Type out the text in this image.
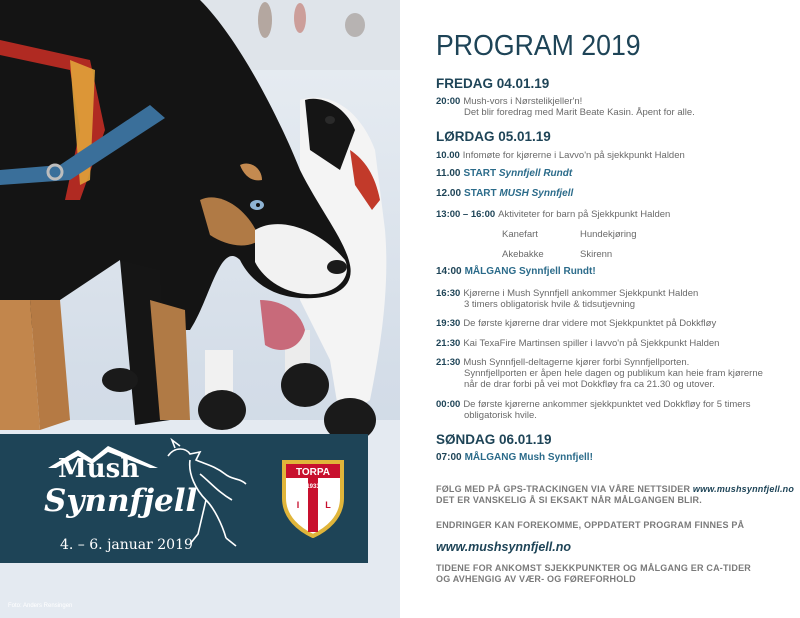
Mush
Synnfjell
4. – 6. januar 2019
TORPA
1933
I	L
Foto: Anders Rensingen
PROGRAM 2019
FREDAG 04.01.19
20:00 Mush-vors i Nørstelikjeller'n!
Det blir foredrag med Marit Beate Kasin. Åpent for alle.
LØRDAG 05.01.19
10.00 Infomøte for kjørerne i Lavvo'n på sjekkpunkt Halden
11.00 START Synnfjell Rundt
12.00 START MUSH Synnfjell
13:00 – 16:00 Aktiviteter for barn på Sjekkpunkt Halden
Kanefart	Hundekjøring
Akebakke	Skirenn
14:00 MÅLGANG Synnfjell Rundt!
16:30 Kjørerne i Mush Synnfjell ankommer Sjekkpunkt Halden
3 timers obligatorisk hvile & tidsutjevning
19:30 De første kjørerne drar videre mot Sjekkpunktet på Dokkfløy
21:30 Kai TexaFire Martinsen spiller i lavvo'n på Sjekkpunkt Halden
21:30 Mush Synnfjell-deltagerne kjører forbi Synnfjellporten.
Synnfjellporten er åpen hele dagen og publikum kan heie fram kjørerne
når de drar forbi på vei mot Dokkfløy fra ca 21.30 og utover.
00:00 De første kjørerne ankommer sjekkpunktet ved Dokkfløy for 5 timers
obligatorisk hvile.
SØNDAG 06.01.19
07:00 MÅLGANG Mush Synnfjell!
FØLG MED PÅ GPS-TRACKINGEN VIA VÅRE NETTSIDER www.mushsynnfjell.no
DET ER VANSKELIG Å SI EKSAKT NÅR MÅLGANGEN BLIR.
ENDRINGER KAN FOREKOMME, OPPDATERT PROGRAM FINNES PÅ
www.mushsynnfjell.no
TIDENE FOR ANKOMST SJEKKPUNKTER OG MÅLGANG ER CA-TIDER
OG AVHENGIG AV VÆR- OG FØREFORHOLD
